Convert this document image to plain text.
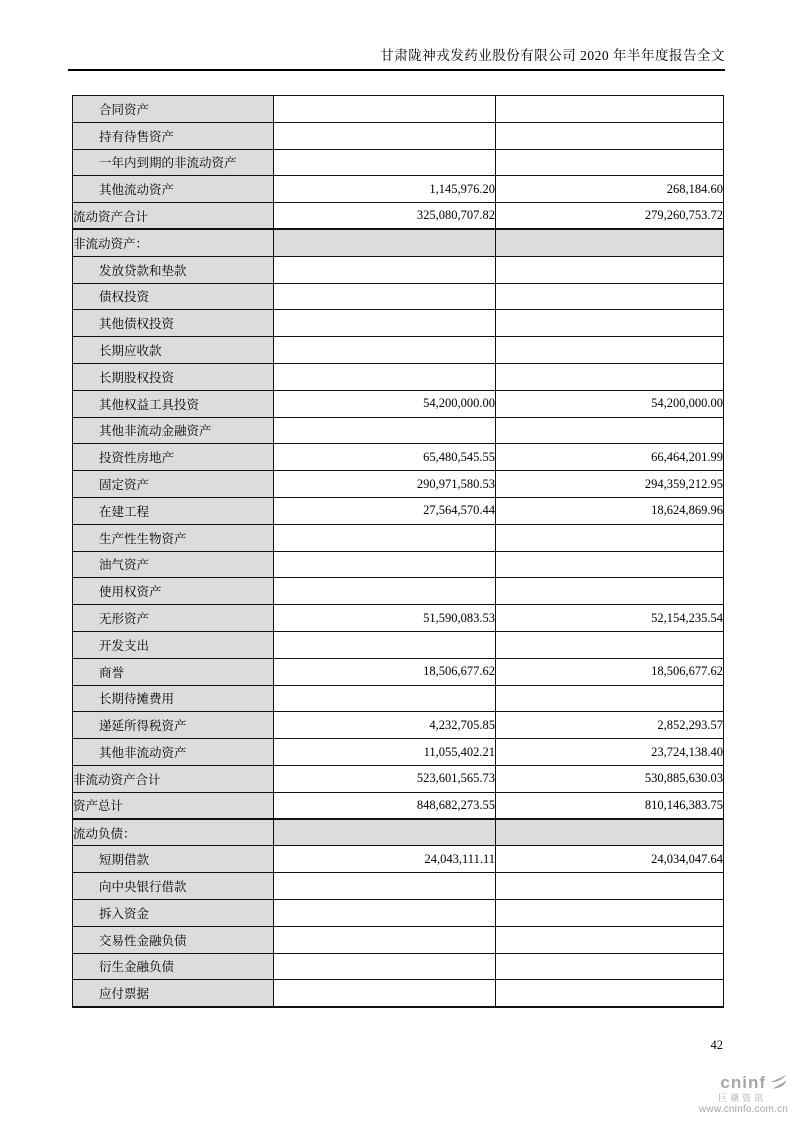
甘肃陇神戎发药业股份有限公司 2020 年半年度报告全文
合同资产		
持有待售资产		
一年内到期的非流动资产		
其他流动资产	1,145,976.20	268,184.60
流动资产合计	325,080,707.82	279,260,753.72
非流动资产：		
发放贷款和垫款		
债权投资		
其他债权投资		
长期应收款		
长期股权投资		
其他权益工具投资	54,200,000.00	54,200,000.00
其他非流动金融资产		
投资性房地产	65,480,545.55	66,464,201.99
固定资产	290,971,580.53	294,359,212.95
在建工程	27,564,570.44	18,624,869.96
生产性生物资产		
油气资产		
使用权资产		
无形资产	51,590,083.53	52,154,235.54
开发支出		
商誉	18,506,677.62	18,506,677.62
长期待摊费用		
递延所得税资产	4,232,705.85	2,852,293.57
其他非流动资产	11,055,402.21	23,724,138.40
非流动资产合计	523,601,565.73	530,885,630.03
资产总计	848,682,273.55	810,146,383.75
流动负债：		
短期借款	24,043,111.11	24,034,047.64
向中央银行借款		
拆入资金		
交易性金融负债		
衍生金融负债		
应付票据		
42
cninf
巨潮资讯
www.cninfo.com.cn
